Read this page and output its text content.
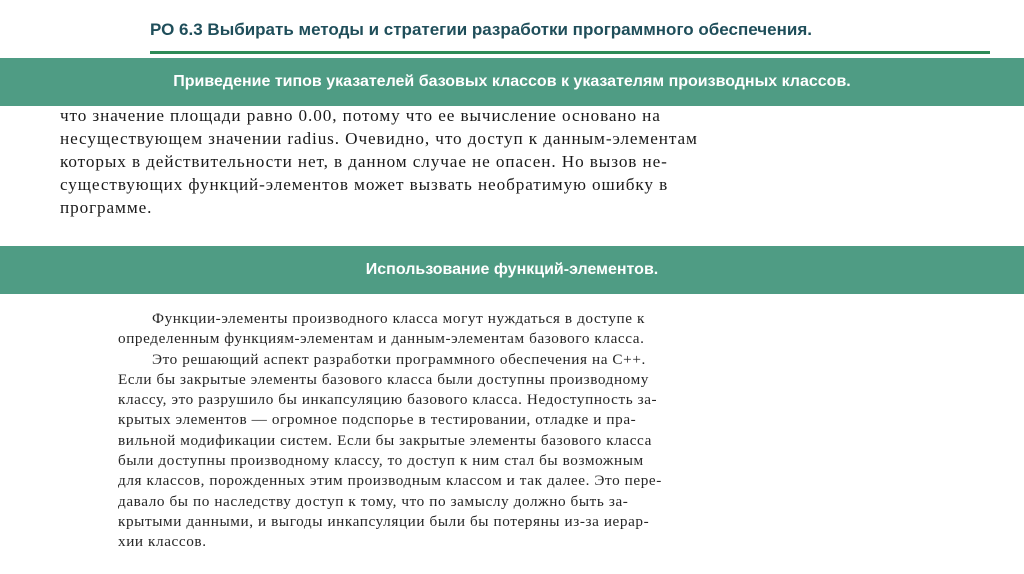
РО 6.3 Выбирать методы и стратегии разработки программного обеспечения.
Приведение типов указателей базовых классов к указателям производных классов.
что значение площади равно 0.00, потому что ее вычисление основано на
несуществующем значении radius. Очевидно, что доступ к данным-элементам
которых в действительности нет, в данном случае не опасен. Но вызов не-
существующих функций-элементов может вызвать необратимую ошибку в
программе.
Использование функций-элементов.
Функции-элементы производного класса могут нуждаться в доступе к
определенным функциям-элементам и данным-элементам базового класса.
Это решающий аспект разработки программного обеспечения на С++.
Если бы закрытые элементы базового класса были доступны производному
классу, это разрушило бы инкапсуляцию базового класса. Недоступность за-
крытых элементов — огромное подспорье в тестировании, отладке и пра-
вильной модификации систем. Если бы закрытые элементы базового класса
были доступны производному классу, то доступ к ним стал бы возможным
для классов, порожденных этим производным классом и так далее. Это пере-
давало бы по наследству доступ к тому, что по замыслу должно быть за-
крытыми данными, и выгоды инкапсуляции были бы потеряны из-за иерар-
хии классов.
